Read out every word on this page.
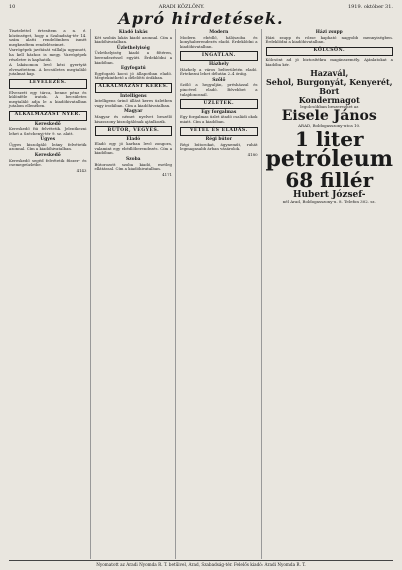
10	ARADI KÖZLÖNY.	1919. október 31.
Apró hirdetések.
Tisztelettel értesítem a n. é. közönséget, hogy a Szabadság-tér 14. szám alatti rendelőmben ismét megkezdtem rendeléseimet.
Varrógépek javítását vállalja ugyanott, ha kell házhoz is megy. Varrógépek részletre is kaphatók.
A lakásomon levő kézi gyertyát elveszítettem. A becsületes megtaláló jutalmat kap.
LEVELEZÉS.
Elveszett egy tárca, benne pénz és különféle iratok. A becsületes megtaláló adja le a kiadóhivatalban jutalom ellenében.
ALKALMAZÁST NYER.
Kereskedő
Kereskedő fiú felvétetik. Jelentkezni lehet a Széchenyi-tér 9. sz. alatt.
Ügyes
Ügyes kiszolgáló leány felvétetik azonnal. Cím a kiadóhivatalban.
Kereskedő
Kereskedő segéd felvétetik fűszer- és csemegeüzletbe.
4143
Kiadó lakás
Két szobás lakás kiadó azonnal. Cím a kiadóhivatalban.
Üzlethelyiség
Üzlethelyiség kiadó a főtéren, berendezéssel együtt. Érdeklődni a kiadóban.
Egyfogatú
Egyfogatú kocsi jó állapotban eladó. Megtekinthető a délelőtti órákban.
ALKALMAZÁST KERES.
Intelligens
Intelligens úrinő állást keres üzletben vagy irodában. Cím a kiadóhivatalban.
Magyar
Magyar és német nyelvet beszélő kisasszony kiszolgálónak ajánlkozik.
BÚTOR, VEGYES.
Eladó
Eladó egy jó karban levő zongora, valamint egy ebédlőberendezés. Cím a kiadóban.
Szoba
Bútorozott szoba kiadó, esetleg ellátással. Cím a kiadóhivatalban.
4171
Modern
Modern ebédlő, hálószoba és konyhaberendezés eladó. Érdeklődni a kiadóhivatalban.
INGATLAN.
Házhely
Házhely a város belterületén eladó. Értekezni lehet délután 2–4 óráig.
Szőlő
Szőlő a hegyalján, présházzal és pincével eladó. Bővebbet a tulajdonosnál.
ÜZLETEK.
Egy forgalmas
Egy forgalmas üzlet átadó családi okok miatt. Cím a kiadóban.
VÉTEL ÉS ELADÁS.
Régi bútor
Régi bútorokat, ágyneműt, ruhát legmagasabb árban vásárolok.
4180
Házi zsupp
Házi zsupp és rőzse kapható nagyobb mennyiségben. Érdeklődni a kiadóhivatalban.
KÖLCSÖN.
Kölcsönt ad jó biztosítékra magánszemély. Ajánlatokat a kiadóba kér.
Hazavál,
Sehol, Burgonyát, Kenyerét, Bort
Kondermagot
legolcsóbban beszerezhet az
Eisele János
ARAD, Boldogasszony-utca 10.
1 liter
petróleum
68 fillér
Hubert József-
nél Arad, Boldogasszony-u. 8. Telefon 302. sz.
Nyomatott az Aradi Nyomda R. T. betűivel, Arad, Szabadság-tér. Felelős kiadó: Aradi Nyomda R. T.
